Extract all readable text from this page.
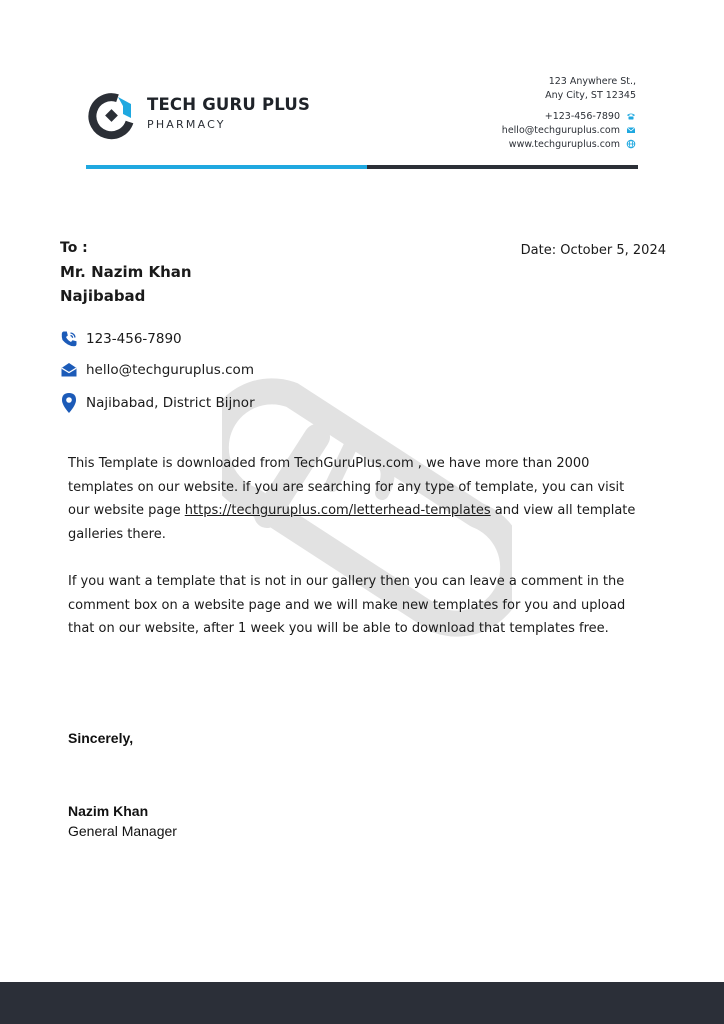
TECH GURU PLUS
PHARMACY
123 Anywhere St.,
Any City, ST 12345
+123-456-7890
hello@techguruplus.com
www.techguruplus.com
To :	Date: October 5, 2024
Mr. Nazim Khan
Najibabad
123-456-7890
hello@techguruplus.com
Najibabad, District Bijnor
This Template is downloaded from TechGuruPlus.com , we have more than 2000 templates on our website. if you are searching for any type of template, you can visit our website page https://techguruplus.com/letterhead-templates and view all template galleries there.
If you want a template that is not in our gallery then you can leave a comment in the comment box on a website page and we will make new templates for you and upload that on our website, after 1 week you will be able to download that templates free.
Sincerely,
Nazim Khan
General Manager
